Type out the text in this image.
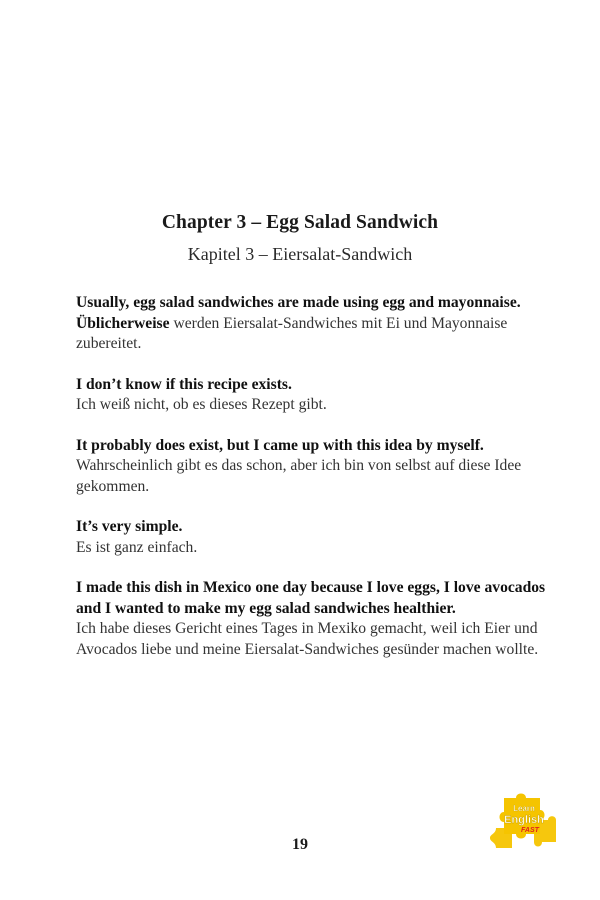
Chapter 3 – Egg Salad Sandwich
Kapitel 3 – Eiersalat-Sandwich

Usually, egg salad sandwiches are made using egg and mayonnaise.
Üblicherweise werden Eiersalat-Sandwiches mit Ei und Mayonnaise zubereitet.

I don’t know if this recipe exists.
Ich weiß nicht, ob es dieses Rezept gibt.

It probably does exist, but I came up with this idea by myself.
Wahrscheinlich gibt es das schon, aber ich bin von selbst auf diese Idee gekommen.

It’s very simple.
Es ist ganz einfach.

I made this dish in Mexico one day because I love eggs, I love avocados and I wanted to make my egg salad sandwiches healthier.
Ich habe dieses Gericht eines Tages in Mexiko gemacht, weil ich Eier und Avocados liebe und meine Eiersalat-Sandwiches gesünder machen wollte.

19
Learn
English
FAST
